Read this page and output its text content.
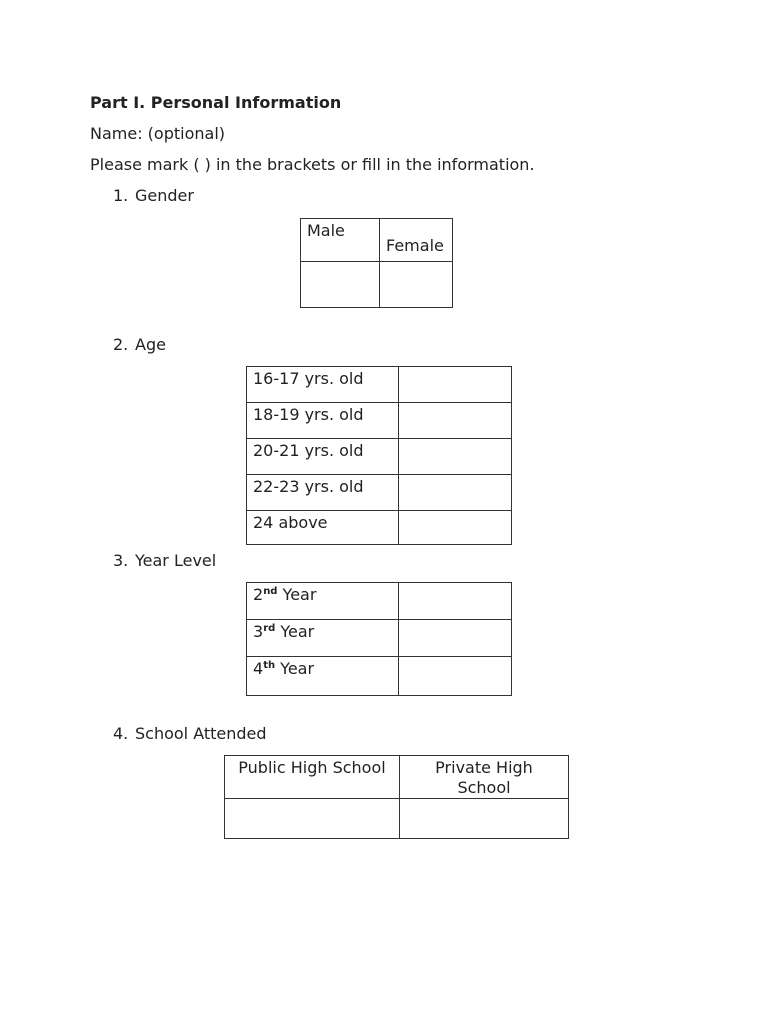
Part I. Personal Information
Name: (optional)
Please mark ( ) in the brackets or fill in the information.
1. Gender
Male	Female

2. Age
16-17 yrs. old	
18-19 yrs. old	
20-21 yrs. old	
22-23 yrs. old	
24 above	
3. Year Level
2nd Year	
3rd Year	
4th Year	
4. School Attended
Public High School	Private High School
